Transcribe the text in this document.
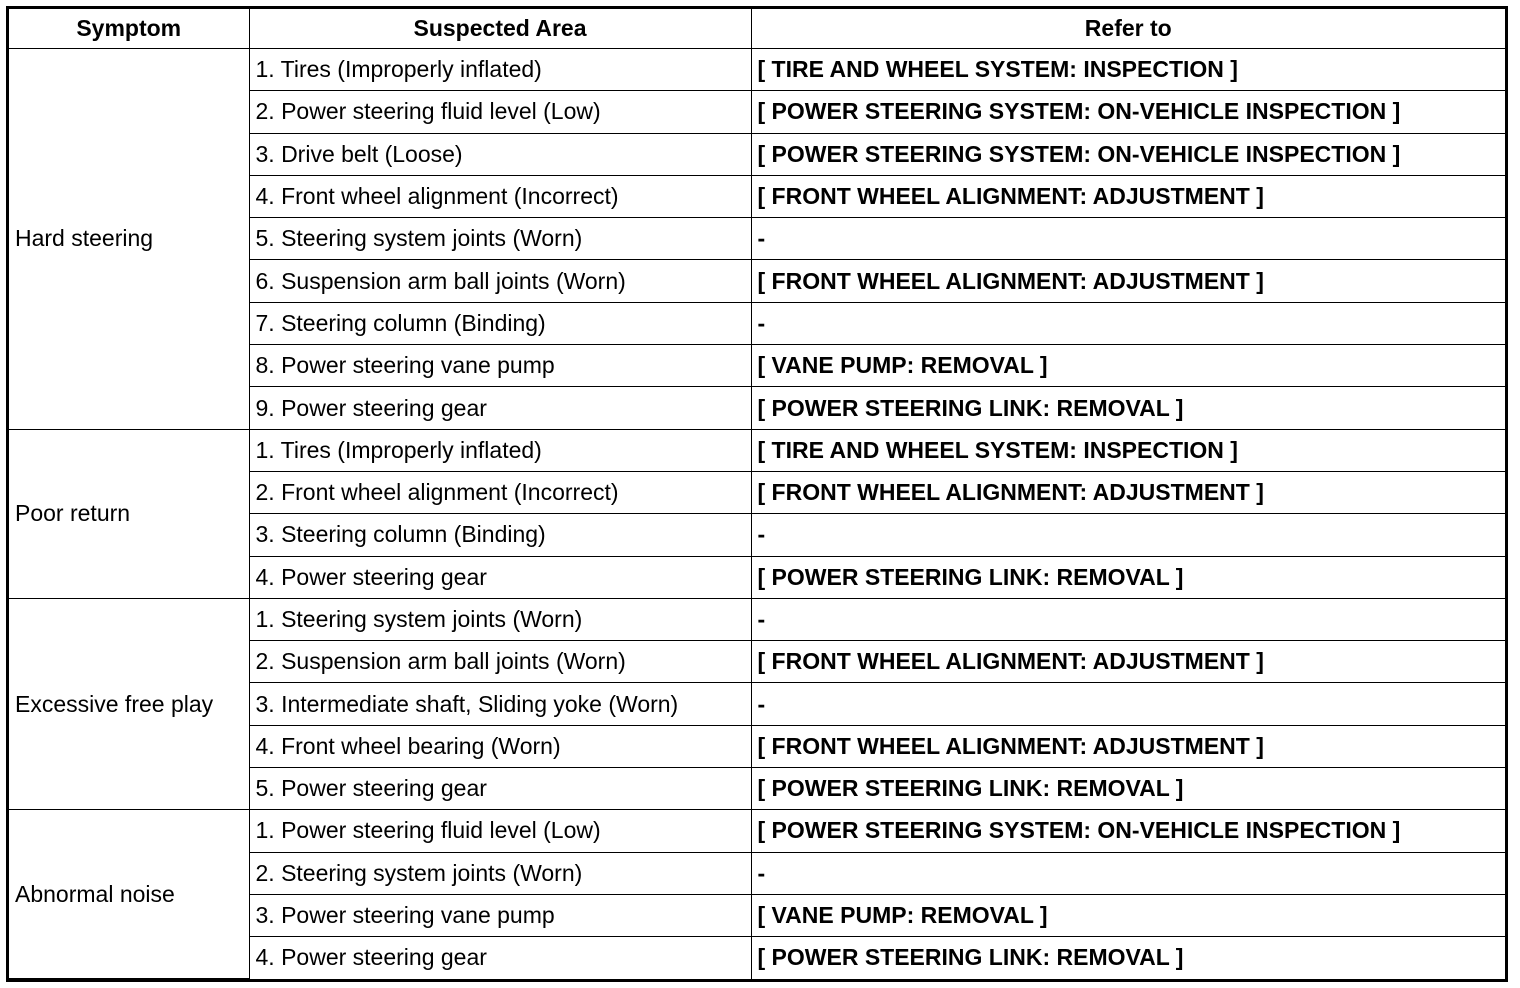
Symptom	Suspected Area	Refer to
Hard steering	1. Tires (Improperly inflated)	[ TIRE AND WHEEL SYSTEM: INSPECTION ]
	2. Power steering fluid level (Low)	[ POWER STEERING SYSTEM: ON-VEHICLE INSPECTION ]
	3. Drive belt (Loose)	[ POWER STEERING SYSTEM: ON-VEHICLE INSPECTION ]
	4. Front wheel alignment (Incorrect)	[ FRONT WHEEL ALIGNMENT: ADJUSTMENT ]
	5. Steering system joints (Worn)	-
	6. Suspension arm ball joints (Worn)	[ FRONT WHEEL ALIGNMENT: ADJUSTMENT ]
	7. Steering column (Binding)	-
	8. Power steering vane pump	[ VANE PUMP: REMOVAL ]
	9. Power steering gear	[ POWER STEERING LINK: REMOVAL ]
Poor return	1. Tires (Improperly inflated)	[ TIRE AND WHEEL SYSTEM: INSPECTION ]
	2. Front wheel alignment (Incorrect)	[ FRONT WHEEL ALIGNMENT: ADJUSTMENT ]
	3. Steering column (Binding)	-
	4. Power steering gear	[ POWER STEERING LINK: REMOVAL ]
Excessive free play	1. Steering system joints (Worn)	-
	2. Suspension arm ball joints (Worn)	[ FRONT WHEEL ALIGNMENT: ADJUSTMENT ]
	3. Intermediate shaft, Sliding yoke (Worn)	-
	4. Front wheel bearing (Worn)	[ FRONT WHEEL ALIGNMENT: ADJUSTMENT ]
	5. Power steering gear	[ POWER STEERING LINK: REMOVAL ]
Abnormal noise	1. Power steering fluid level (Low)	[ POWER STEERING SYSTEM: ON-VEHICLE INSPECTION ]
	2. Steering system joints (Worn)	-
	3. Power steering vane pump	[ VANE PUMP: REMOVAL ]
	4. Power steering gear	[ POWER STEERING LINK: REMOVAL ]
